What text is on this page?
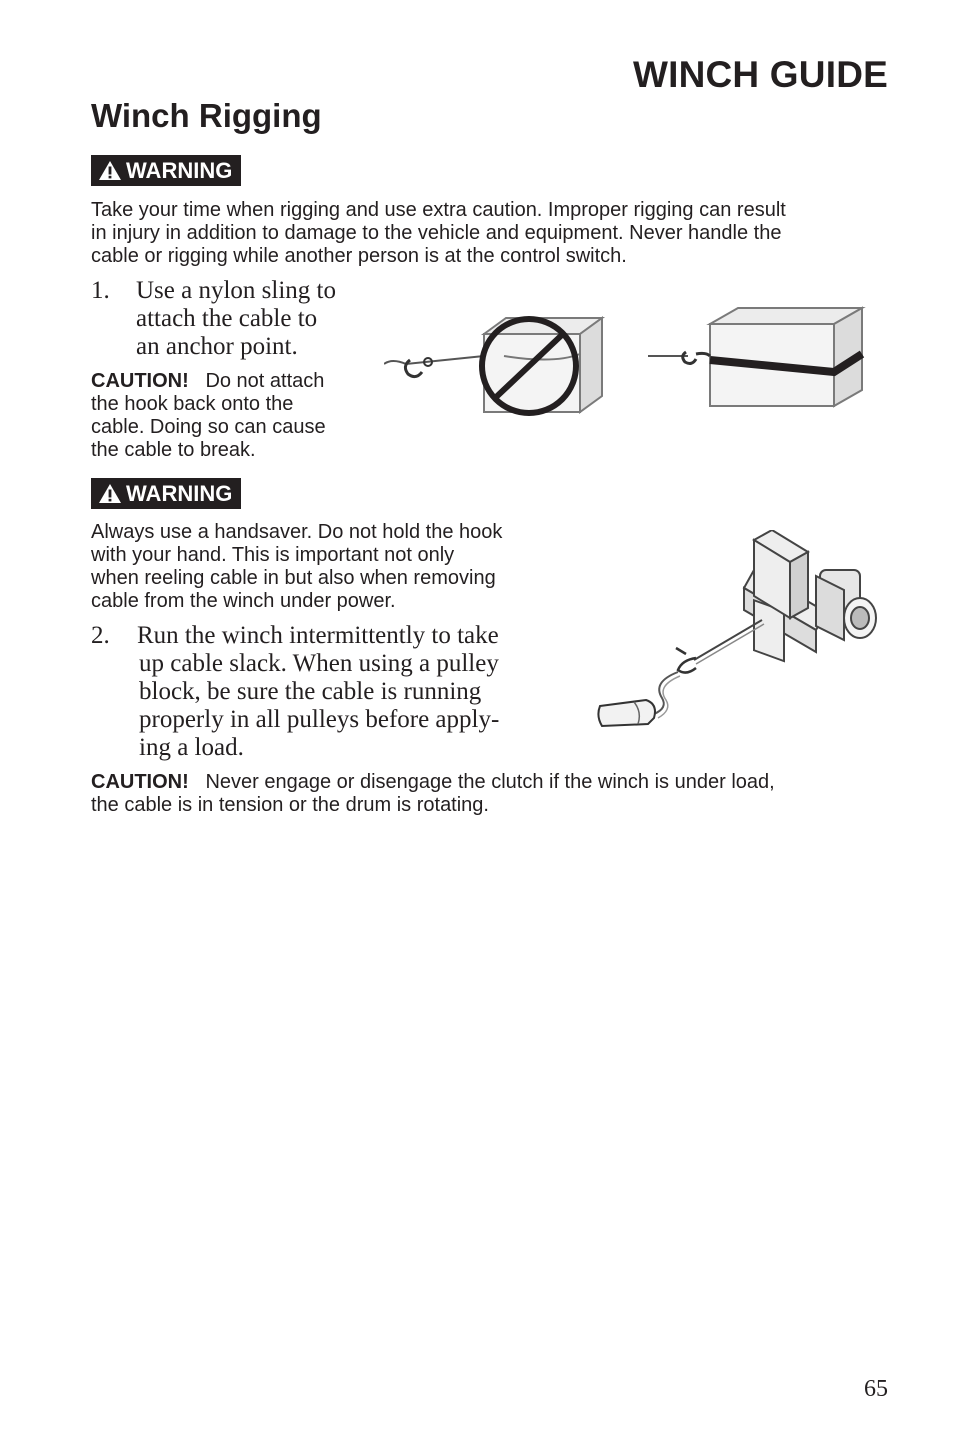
WINCH GUIDE
Winch Rigging
WARNING
Take your time when rigging and use extra caution. Improper rigging can result
in injury in addition to damage to the vehicle and equipment. Never handle the
cable or rigging while another person is at the control switch.
1. Use a nylon sling to
attach the cable to
an anchor point.
CAUTION! Do not attach
the hook back onto the
cable. Doing so can cause
the cable to break.
WARNING
Always use a handsaver. Do not hold the hook
with your hand. This is important not only
when reeling cable in but also when removing
cable from the winch under power.
2. Run the winch intermittently to take
up cable slack. When using a pulley
block, be sure the cable is running
properly in all pulleys before apply-
ing a load.
CAUTION! Never engage or disengage the clutch if the winch is under load,
the cable is in tension or the drum is rotating.
65
